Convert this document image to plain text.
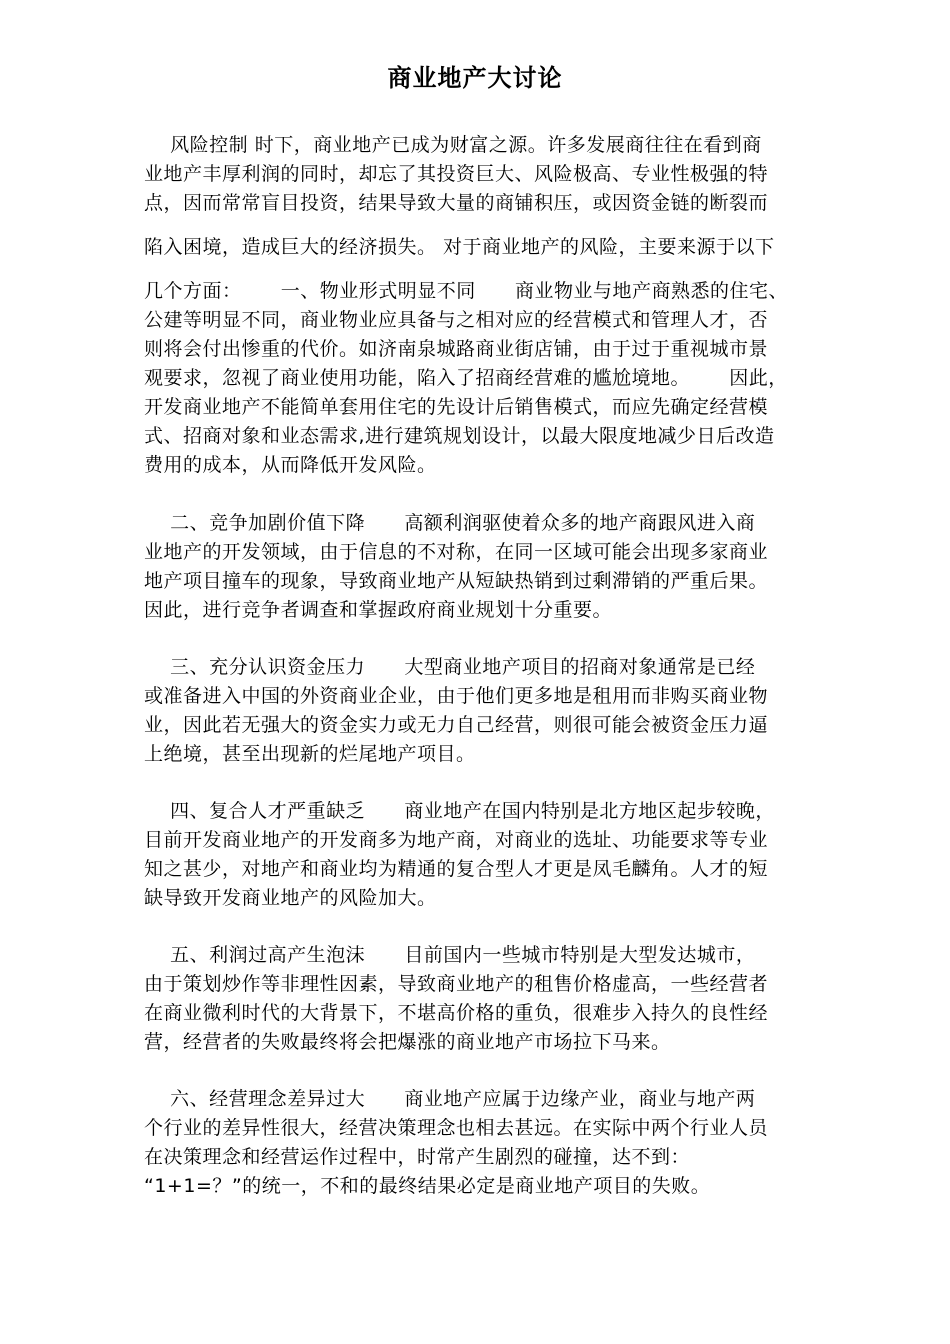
商业地产大讨论
风险控制 时下，商业地产已成为财富之源。许多发展商往往在看到商
业地产丰厚利润的同时，却忘了其投资巨大、风险极高、专业性极强的特
点，因而常常盲目投资，结果导致大量的商铺积压，或因资金链的断裂而
陷入困境，造成巨大的经济损失。 对于商业地产的风险，主要来源于以下
几个方面：      一、物业形式明显不同      商业物业与地产商熟悉的住宅、
公建等明显不同，商业物业应具备与之相对应的经营模式和管理人才，否
则将会付出惨重的代价。如济南泉城路商业街店铺，由于过于重视城市景
观要求，忽视了商业使用功能，陷入了招商经营难的尴尬境地。      因此，
开发商业地产不能简单套用住宅的先设计后销售模式，而应先确定经营模
式、招商对象和业态需求,进行建筑规划设计，以最大限度地减少日后改造
费用的成本，从而降低开发风险。
二、竞争加剧价值下降      高额利润驱使着众多的地产商跟风进入商
业地产的开发领域，由于信息的不对称，在同一区域可能会出现多家商业
地产项目撞车的现象，导致商业地产从短缺热销到过剩滞销的严重后果。
因此，进行竞争者调查和掌握政府商业规划十分重要。
三、充分认识资金压力      大型商业地产项目的招商对象通常是已经
或准备进入中国的外资商业企业，由于他们更多地是租用而非购买商业物
业，因此若无强大的资金实力或无力自己经营，则很可能会被资金压力逼
上绝境，甚至出现新的烂尾地产项目。
四、复合人才严重缺乏      商业地产在国内特别是北方地区起步较晚，
目前开发商业地产的开发商多为地产商，对商业的选址、功能要求等专业
知之甚少，对地产和商业均为精通的复合型人才更是凤毛麟角。人才的短
缺导致开发商业地产的风险加大。
五、利润过高产生泡沫      目前国内一些城市特别是大型发达城市，
由于策划炒作等非理性因素，导致商业地产的租售价格虚高，一些经营者
在商业微利时代的大背景下，不堪高价格的重负，很难步入持久的良性经
营，经营者的失败最终将会把爆涨的商业地产市场拉下马来。
六、经营理念差异过大      商业地产应属于边缘产业，商业与地产两
个行业的差异性很大，经营决策理念也相去甚远。在实际中两个行业人员
在决策理念和经营运作过程中，时常产生剧烈的碰撞，达不到：
“1+1=？”的统一，不和的最终结果必定是商业地产项目的失败。
